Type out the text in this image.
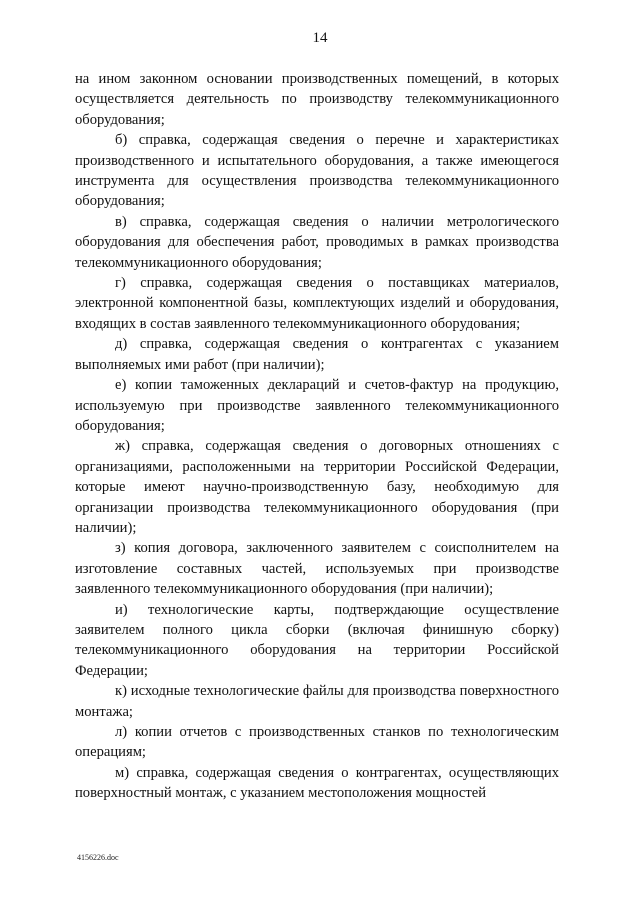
14

на ином законном основании производственных помещений, в которых осуществляется деятельность по производству телекоммуникационного оборудования;

б) справка, содержащая сведения о перечне и характеристиках производственного и испытательного оборудования, а также имеющегося инструмента для осуществления производства телекоммуникационного оборудования;

в) справка, содержащая сведения о наличии метрологического оборудования для обеспечения работ, проводимых в рамках производства телекоммуникационного оборудования;

г) справка, содержащая сведения о поставщиках материалов, электронной компонентной базы, комплектующих изделий и оборудования, входящих в состав заявленного телекоммуникационного оборудования;

д) справка, содержащая сведения о контрагентах с указанием выполняемых ими работ (при наличии);

е) копии таможенных деклараций и счетов-фактур на продукцию, используемую при производстве заявленного телекоммуникационного оборудования;

ж) справка, содержащая сведения о договорных отношениях с организациями, расположенными на территории Российской Федерации, которые имеют научно-производственную базу, необходимую для организации производства телекоммуникационного оборудования (при наличии);

з) копия договора, заключенного заявителем с соисполнителем на изготовление составных частей, используемых при производстве заявленного телекоммуникационного оборудования (при наличии);

и) технологические карты, подтверждающие осуществление заявителем полного цикла сборки (включая финишную сборку) телекоммуникационного оборудования на территории Российской Федерации;

к) исходные технологические файлы для производства поверхностного монтажа;

л) копии отчетов с производственных станков по технологическим операциям;

м) справка, содержащая сведения о контрагентах, осуществляющих поверхностный монтаж, с указанием местоположения мощностей

4156226.doc
